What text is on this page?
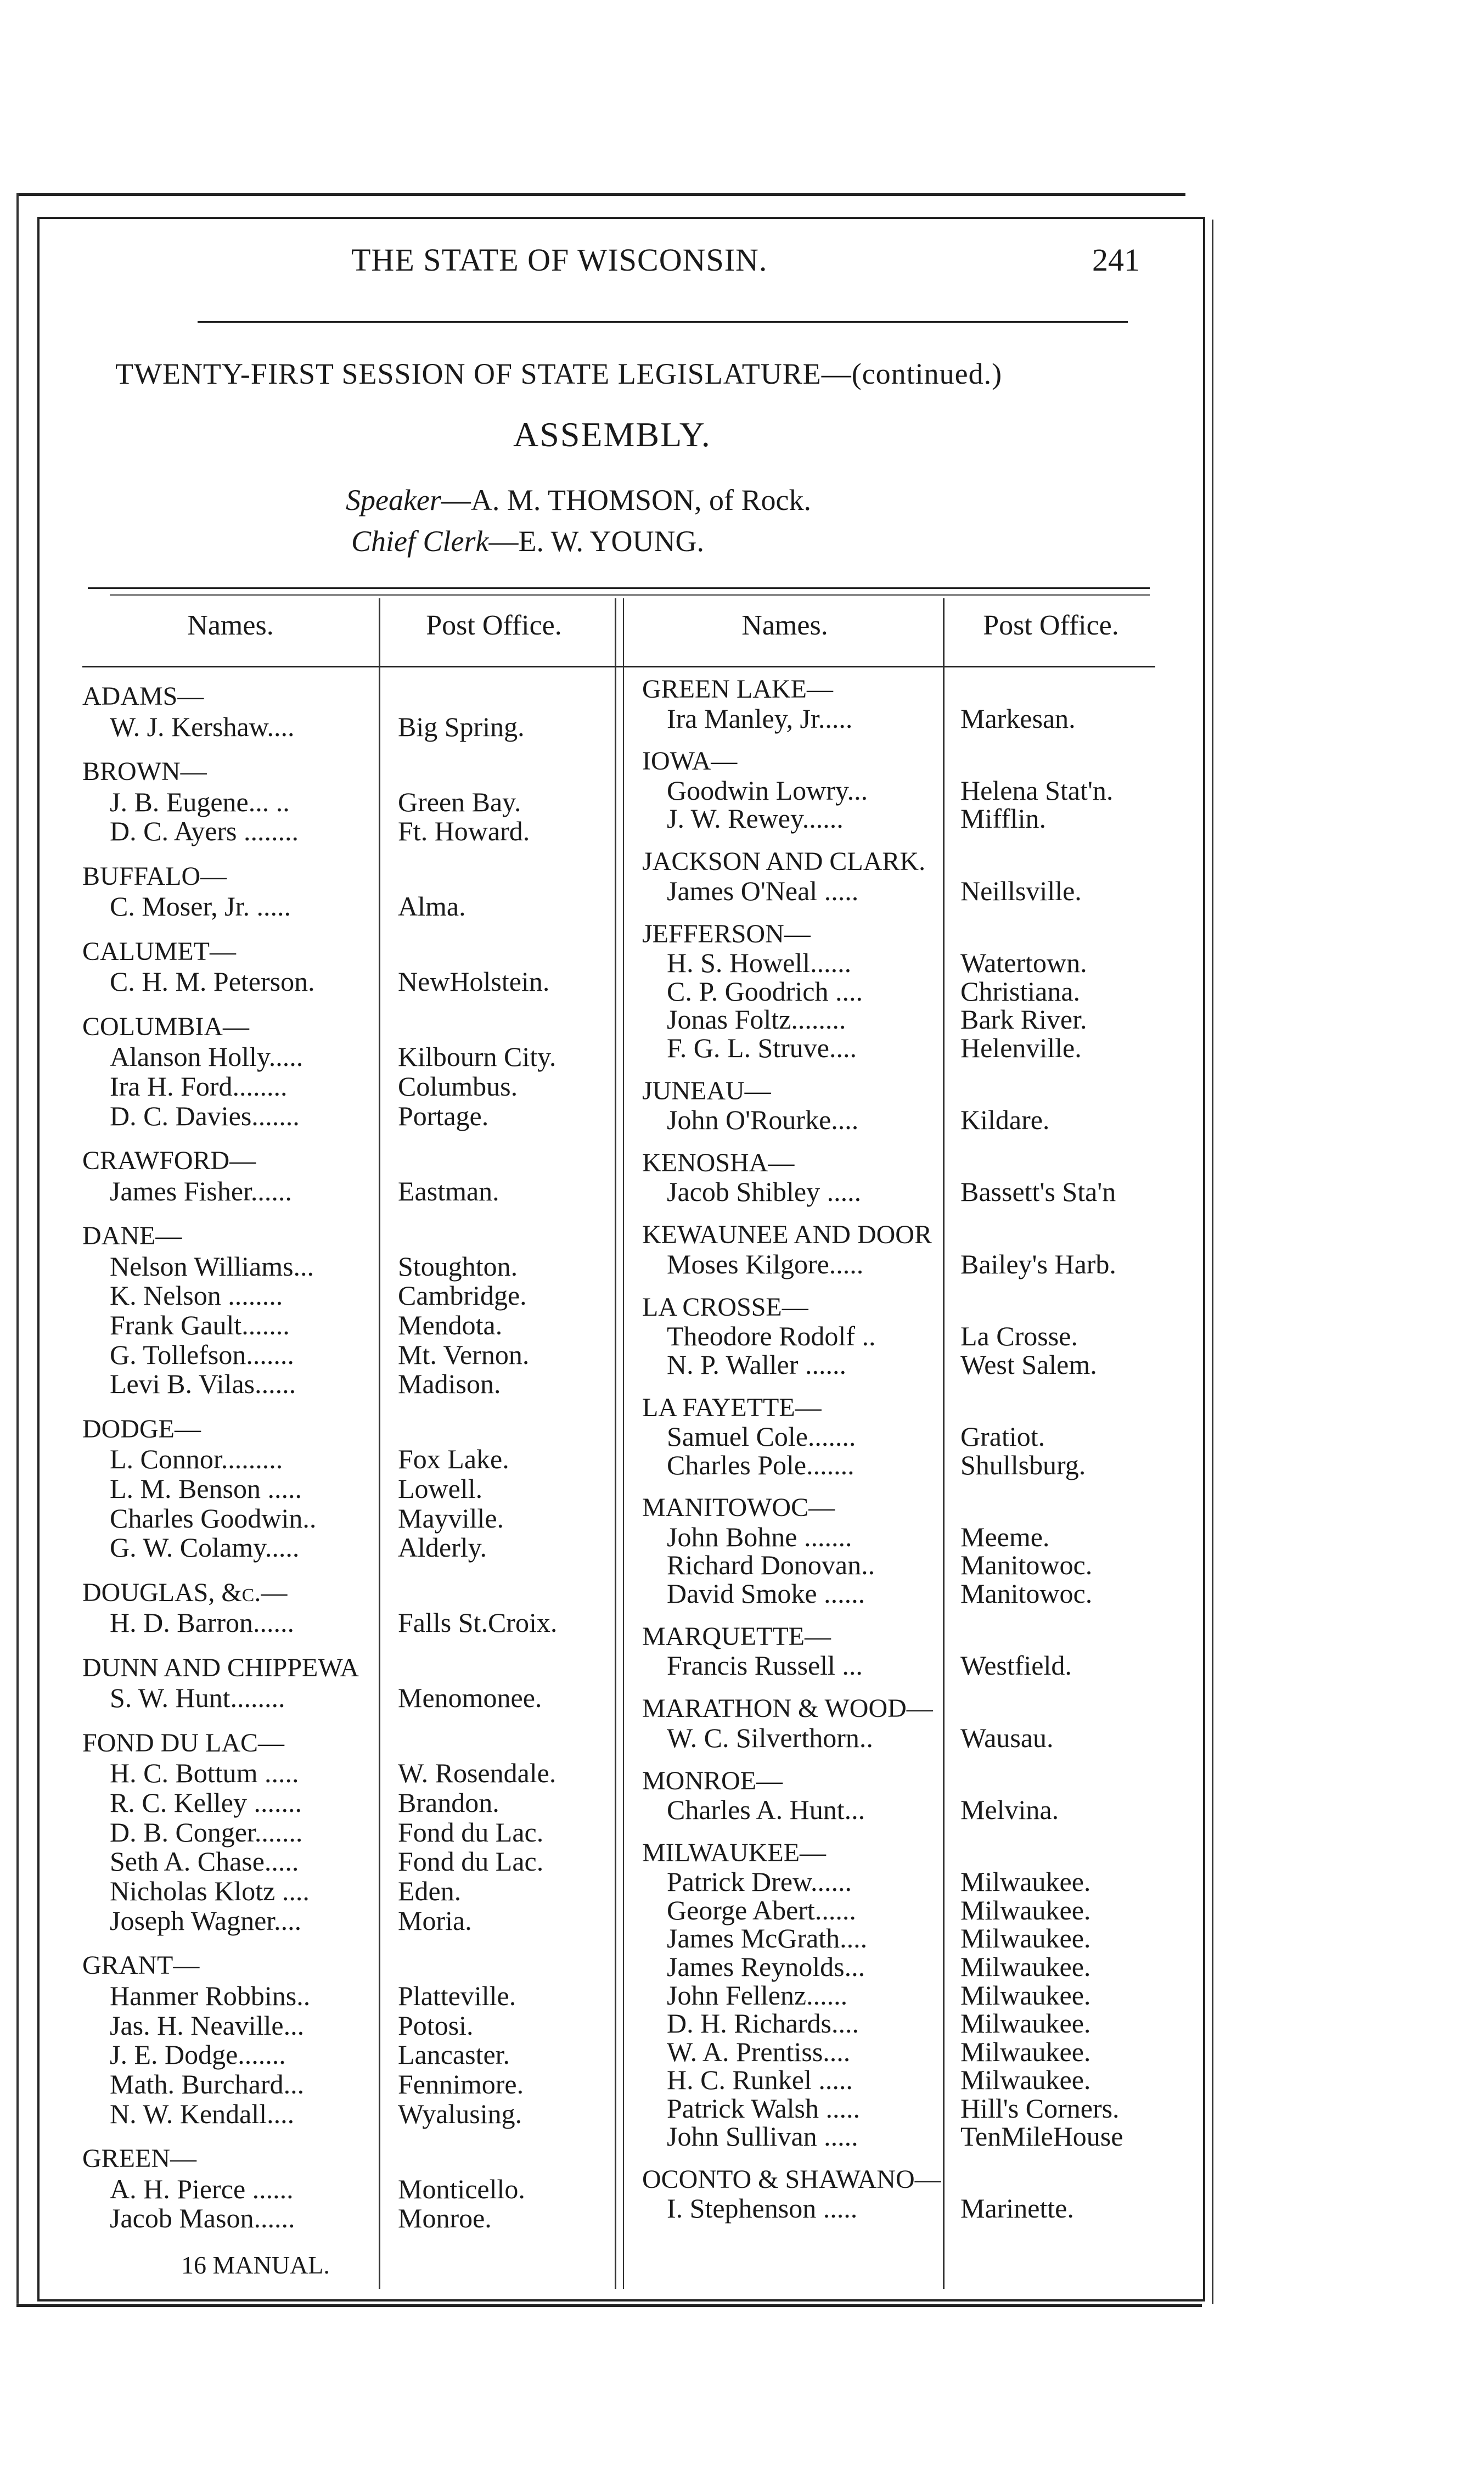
THE STATE OF WISCONSIN.	241
TWENTY-FIRST SESSION OF STATE LEGISLATURE—(continued.)
ASSEMBLY.
Speaker—A. M. THOMSON, of Rock.
Chief Clerk—E. W. YOUNG.
Names.	Post Office.	Names.	Post Office.
ADAMS—
W. J. Kershaw....	Big Spring.
BROWN—
J. B. Eugene... ..	Green Bay.
D. C. Ayers ........	Ft. Howard.
BUFFALO—
C. Moser, Jr. .....	Alma.
CALUMET—
C. H. M. Peterson.	NewHolstein.
COLUMBIA—
Alanson Holly.....	Kilbourn City.
Ira H. Ford........	Columbus.
D. C. Davies.......	Portage.
CRAWFORD—
James Fisher......	Eastman.
DANE—
Nelson Williams...	Stoughton.
K. Nelson ........	Cambridge.
Frank Gault.......	Mendota.
G. Tollefson.......	Mt. Vernon.
Levi B. Vilas......	Madison.
DODGE—
L. Connor.........	Fox Lake.
L. M. Benson .....	Lowell.
Charles Goodwin..	Mayville.
G. W. Colamy.....	Alderly.
DOUGLAS, &c.—
H. D. Barron......	Falls St.Croix.
DUNN AND CHIPPEWA
S. W. Hunt........	Menomonee.
FOND DU LAC—
H. C. Bottum .....	W. Rosendale.
R. C. Kelley .......	Brandon.
D. B. Conger.......	Fond du Lac.
Seth A. Chase.....	Fond du Lac.
Nicholas Klotz ....	Eden.
Joseph Wagner....	Moria.
GRANT—
Hanmer Robbins..	Platteville.
Jas. H. Neaville...	Potosi.
J. E. Dodge.......	Lancaster.
Math. Burchard...	Fennimore.
N. W. Kendall....	Wyalusing.
GREEN—
A. H. Pierce ......	Monticello.
Jacob Mason......	Monroe.
GREEN LAKE—
Ira Manley, Jr.....	Markesan.
IOWA—
Goodwin Lowry...	Helena Stat'n.
J. W. Rewey......	Mifflin.
JACKSON AND CLARK.
James O'Neal .....	Neillsville.
JEFFERSON—
H. S. Howell......	Watertown.
C. P. Goodrich ....	Christiana.
Jonas Foltz........	Bark River.
F. G. L. Struve....	Helenville.
JUNEAU—
John O'Rourke....	Kildare.
KENOSHA—
Jacob Shibley .....	Bassett's Sta'n
KEWAUNEE AND DOOR
Moses Kilgore.....	Bailey's Harb.
LA CROSSE—
Theodore Rodolf ..	La Crosse.
N. P. Waller ......	West Salem.
LA FAYETTE—
Samuel Cole.......	Gratiot.
Charles Pole.......	Shullsburg.
MANITOWOC—
John Bohne .......	Meeme.
Richard Donovan..	Manitowoc.
David Smoke ......	Manitowoc.
MARQUETTE—
Francis Russell ...	Westfield.
MARATHON & WOOD—
W. C. Silverthorn..	Wausau.
MONROE—
Charles A. Hunt...	Melvina.
MILWAUKEE—
Patrick Drew......	Milwaukee.
George Abert......	Milwaukee.
James McGrath....	Milwaukee.
James Reynolds...	Milwaukee.
John Fellenz......	Milwaukee.
D. H. Richards....	Milwaukee.
W. A. Prentiss....	Milwaukee.
H. C. Runkel .....	Milwaukee.
Patrick Walsh .....	Hill's Corners.
John Sullivan .....	TenMileHouse
OCONTO & SHAWANO—
I. Stephenson .....	Marinette.
16 MANUAL.
